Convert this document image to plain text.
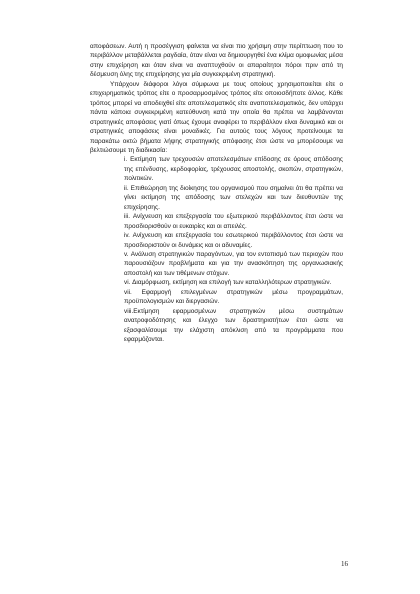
αποφάσεων. Αυτή η προσέγγιση φαίνεται να είναι πιο χρήσιμη στην περίπτωση που το περιβάλλον μεταβάλλεται ραγδαία, όταν είναι να δημιουργηθεί ένα κλίμα ομοφωνίας μέσα στην επιχείρηση και όταν είναι να αναπτυχθούν οι απαραίτητοι πόροι πριν από τη δέσμευση όλης της επιχείρησης για μία συγκεκριμένη στρατηγική.

Υπάρχουν διάφοροι λόγοι σύμφωνα με τους οποίους χρησιμοποιείται είτε ο επιχειρηματικός τρόπος είτε ο προσαρμοσμένος τρόπος είτε οποιοσδήποτε άλλος. Κάθε τρόπος μπορεί να αποδειχθεί είτε αποτελεσματικός είτε αναποτελεσματικός, δεν υπάρχει πάντα κάποια συγκεκριμένη κατεύθυνση κατά την οποία θα πρέπει να λαμβάνονται στρατηγικές αποφάσεις γιατί όπως έχουμε αναφέρει το περιβάλλον είναι δυναμικό και οι στρατηγικές αποφάσεις είναι μοναδικές. Για αυτούς τους λόγους προτείνουμε τα παρακάτω οκτώ βήματα λήψης στρατηγικής απόφασης έτσι ώστε να μπορέσουμε να βελτιώσουμε τη διαδικασία:

i. Εκτίμηση των τρεχουσών αποτελεσμάτων επίδοσης σε όρους απόδοσης της επένδυσης, κερδοφορίας, τρέχουσας αποστολής, σκοπών, στρατηγικών, πολιτικών.
ii. Επιθεώρηση της διοίκησης του οργανισμού που σημαίνει ότι θα πρέπει να γίνει εκτίμηση της απόδοσης των στελεχών και των διευθυντών της επιχείρησης.
iii. Ανίχνευση και επεξεργασία του εξωτερικού περιβάλλοντος έτσι ώστε να προσδιορισθούν οι ευκαιρίες και οι απειλές.
iv. Ανίχνευση και επεξεργασία του εσωτερικού περιβάλλοντος έτσι ώστε να προσδιοριστούν οι δυνάμεις και οι αδυναμίες.
v. Ανάλυση στρατηγικών παραγόντων, για τον εντοπισμό των περιοχών που παρουσιάζουν προβλήματα και για την ανασκόπηση της οργανωσιακής αποστολή και των τιθέμενων στόχων.
vi. Διαμόρφωση, εκτίμηση και επιλογή των καταλληλότερων στρατηγικών.
vii. Εφαρμογή επιλεγμένων στρατηγικών μέσω προγραμμάτων, προϋπολογισμών και διεργασιών.
viii.Εκτίμηση εφαρμοσμένων στρατηγικών μέσω συστημάτων ανατροφοδότησης και έλεγχο των δραστηριοτήτων έτσι ώστε να εξασφαλίσουμε την ελάχιστη απόκλιση από τα προγράμματα που εφαρμόζονται.
16
